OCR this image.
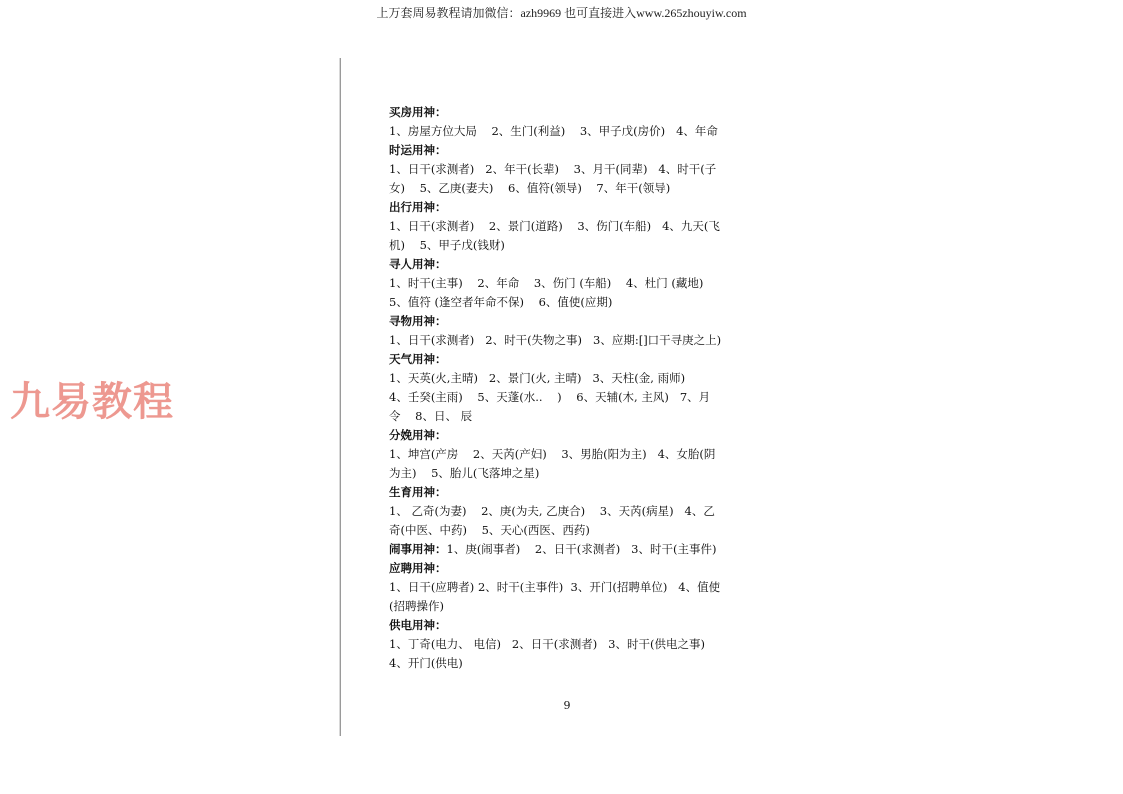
上万套周易教程请加微信：azh9969 也可直接进入www.265zhouyiw.com
九易教程
买房用神：
1、房屋方位大局    2、生门(利益)    3、甲子戊(房价)   4、年命
时运用神：
1、日干(求测者)   2、年干(长辈)    3、月干(同辈)   4、时干(子
女)    5、乙庚(妻夫)    6、值符(领导)    7、年干(领导)
出行用神：
1、日干(求测者)    2、景门(道路)    3、伤门(车船)   4、九天(飞
机)    5、甲子戊(钱财)
寻人用神：
1、时干(主事)    2、年命    3、伤门 (车船)    4、杜门 (藏地)
5、值符 (逢空者年命不保)    6、值使(应期)
寻物用神：
1、日干(求测者)   2、时干(失物之事)   3、应期:[]口干寻庚之上)
天气用神：
1、天英(火,主晴)   2、景门(火, 主晴)   3、天柱(金, 雨师)
4、壬癸(主雨)    5、天蓬(水..    )    6、天辅(木, 主风)   7、月
令    8、日、 辰
分娩用神：
1、坤宫(产房    2、天芮(产妇)    3、男胎(阳为主)   4、女胎(阴
为主)    5、胎儿(飞落坤之星)
生育用神：
1、 乙奇(为妻)    2、庚(为夫, 乙庚合)    3、天芮(病星)   4、乙
奇(中医、中药)    5、天心(西医、西药)
闹事用神：1、庚(闹事者)    2、日干(求测者)   3、时干(主事件)
应聘用神：
1、日干(应聘者) 2、时干(主事件)  3、开门(招聘单位)   4、值使
(招聘操作)
供电用神：
1、丁奇(电力、 电信)   2、日干(求测者)   3、时干(供电之事)
4、开门(供电)
9
